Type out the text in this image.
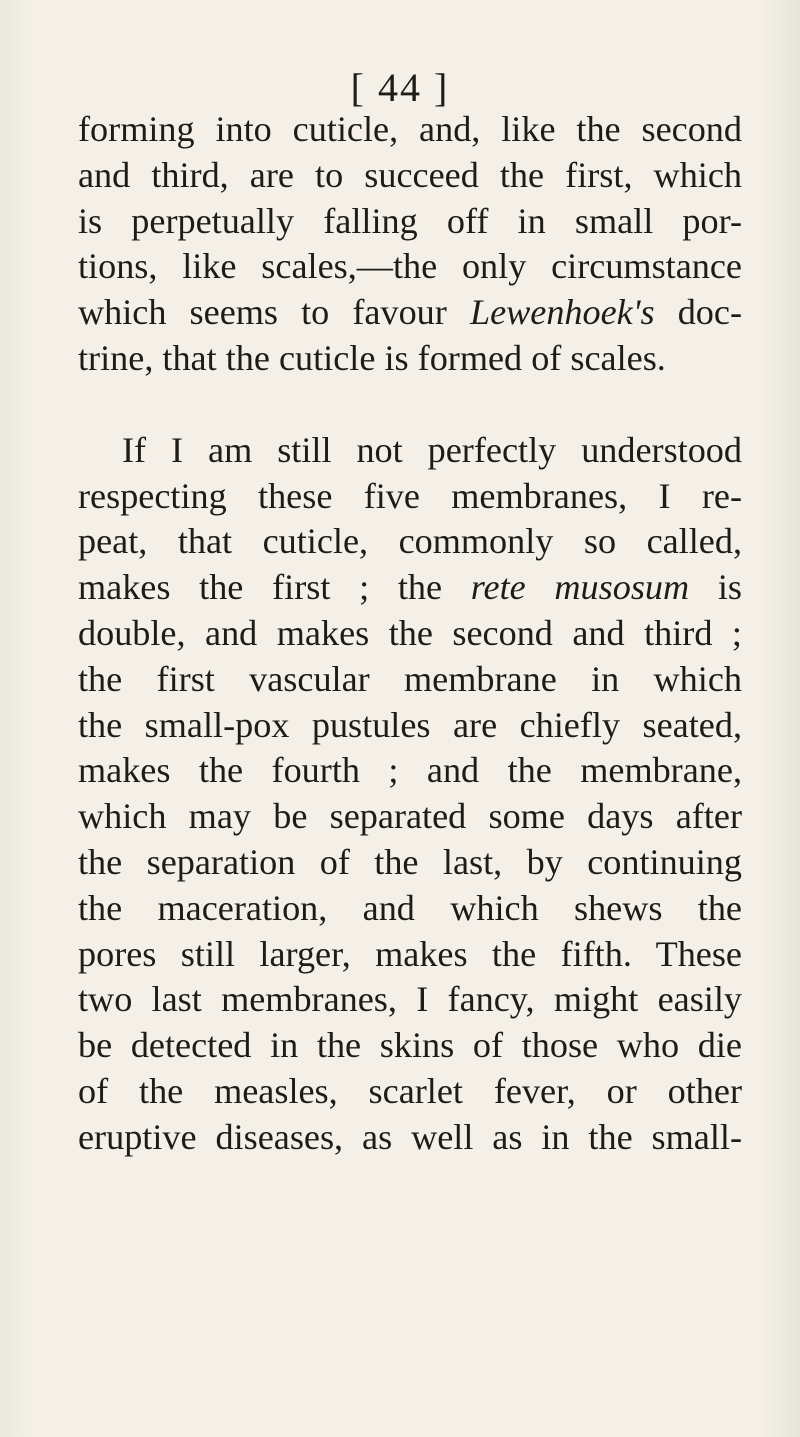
[ 44 ]
forming into cuticle, and, like the second
and third, are to succeed the first, which
is perpetually falling off in small por-
tions, like scales,—the only circumstance
which seems to favour Lewenhoek's doc-
trine, that the cuticle is formed of scales.
If I am still not perfectly understood
respecting these five membranes, I re-
peat, that cuticle, commonly so called,
makes the first ; the rete musosum is
double, and makes the second and third ;
the first vascular membrane in which
the small-pox pustules are chiefly seated,
makes the fourth ; and the membrane,
which may be separated some days after
the separation of the last, by continuing
the maceration, and which shews the
pores still larger, makes the fifth. These
two last membranes, I fancy, might easily
be detected in the skins of those who die
of the measles, scarlet fever, or other
eruptive diseases, as well as in the small-
